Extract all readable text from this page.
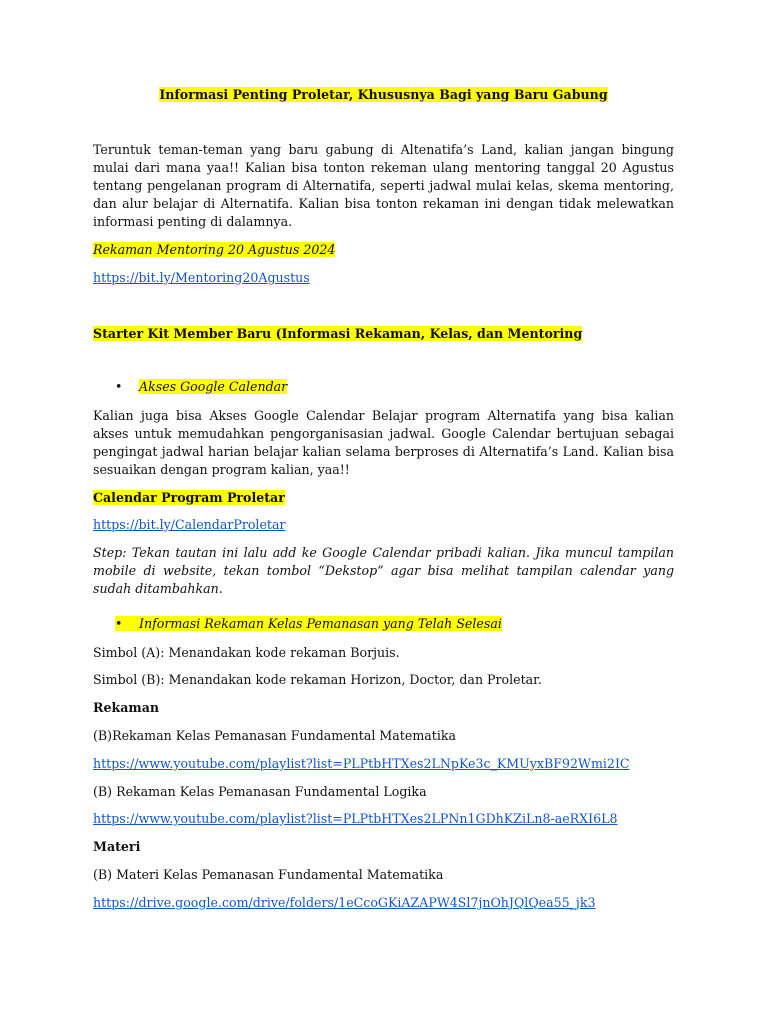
Informasi Penting Proletar, Khususnya Bagi yang Baru Gabung
Teruntuk teman-teman yang baru gabung di Altenatifa’s Land, kalian jangan bingung mulai dari mana yaa!! Kalian bisa tonton rekeman ulang mentoring tanggal 20 Agustus tentang pengelanan program di Alternatifa, seperti jadwal mulai kelas, skema mentoring, dan alur belajar di Alternatifa. Kalian bisa tonton rekaman ini dengan tidak melewatkan informasi penting di dalamnya.
Rekaman Mentoring 20 Agustus 2024
https://bit.ly/Mentoring20Agustus
Starter Kit Member Baru (Informasi Rekaman, Kelas, dan Mentoring
• Akses Google Calendar
Kalian juga bisa Akses Google Calendar Belajar program Alternatifa yang bisa kalian akses untuk memudahkan pengorganisasian jadwal. Google Calendar bertujuan sebagai pengingat jadwal harian belajar kalian selama berproses di Alternatifa’s Land. Kalian bisa sesuaikan dengan program kalian, yaa!!
Calendar Program Proletar
https://bit.ly/CalendarProletar
Step: Tekan tautan ini lalu add ke Google Calendar pribadi kalian. Jika muncul tampilan mobile di website, tekan tombol “Dekstop” agar bisa melihat tampilan calendar yang sudah ditambahkan.
• Informasi Rekaman Kelas Pemanasan yang Telah Selesai
Simbol (A): Menandakan kode rekaman Borjuis.
Simbol (B): Menandakan kode rekaman Horizon, Doctor, dan Proletar.
Rekaman
(B)Rekaman Kelas Pemanasan Fundamental Matematika
https://www.youtube.com/playlist?list=PLPtbHTXes2LNpKe3c_KMUyxBF92Wmi2IC
(B) Rekaman Kelas Pemanasan Fundamental Logika
https://www.youtube.com/playlist?list=PLPtbHTXes2LPNn1GDhKZiLn8-aeRXI6L8
Materi
(B) Materi Kelas Pemanasan Fundamental Matematika
https://drive.google.com/drive/folders/1eCcoGKiAZAPW4Sl7jnOhJQlQea55_jk3
